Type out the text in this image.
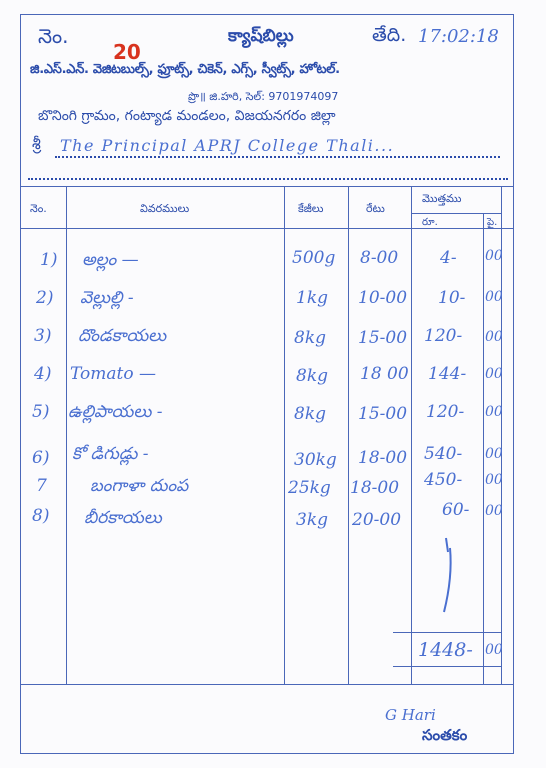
నెం.
20
క్యాష్‌బిల్లు	తేది. 17:02:18
జి.ఎస్.ఎన్. వెజిటబుల్స్, ఫ్రూట్స్, చికెన్, ఎగ్స్, స్వీట్స్, హోటల్.
ప్రొ॥ జి.హరి, సెల్: 9701974097
బొనింగి గ్రామం, గంట్యాడ మండలం, విజయనగరం జిల్లా
శ్రీ The Principal APRJ College Thali...
నెం.	వివరములు	కేజీలు	రేటు
మొత్తము
రూ.	పై.
1) అల్లం —	500g 8-00 4- 00
2) వెల్లుల్లి -	1kg 10-00 10- 00
3) దొండకాయలు	8kg 15-00 120- 00
4) Tomato —	8kg 18 00 144- 00
5) ఉల్లిపాయలు -	8kg 15-00 120- 00
6) కో డిగుడ్లు -	30kg 18-00 540- 00
7	బంగాళా దుంప	25kg 18-00 450- 00
8) బీరకాయలు	3kg 20-00 60- 00
1448- 00
G Hari
సంతకం
